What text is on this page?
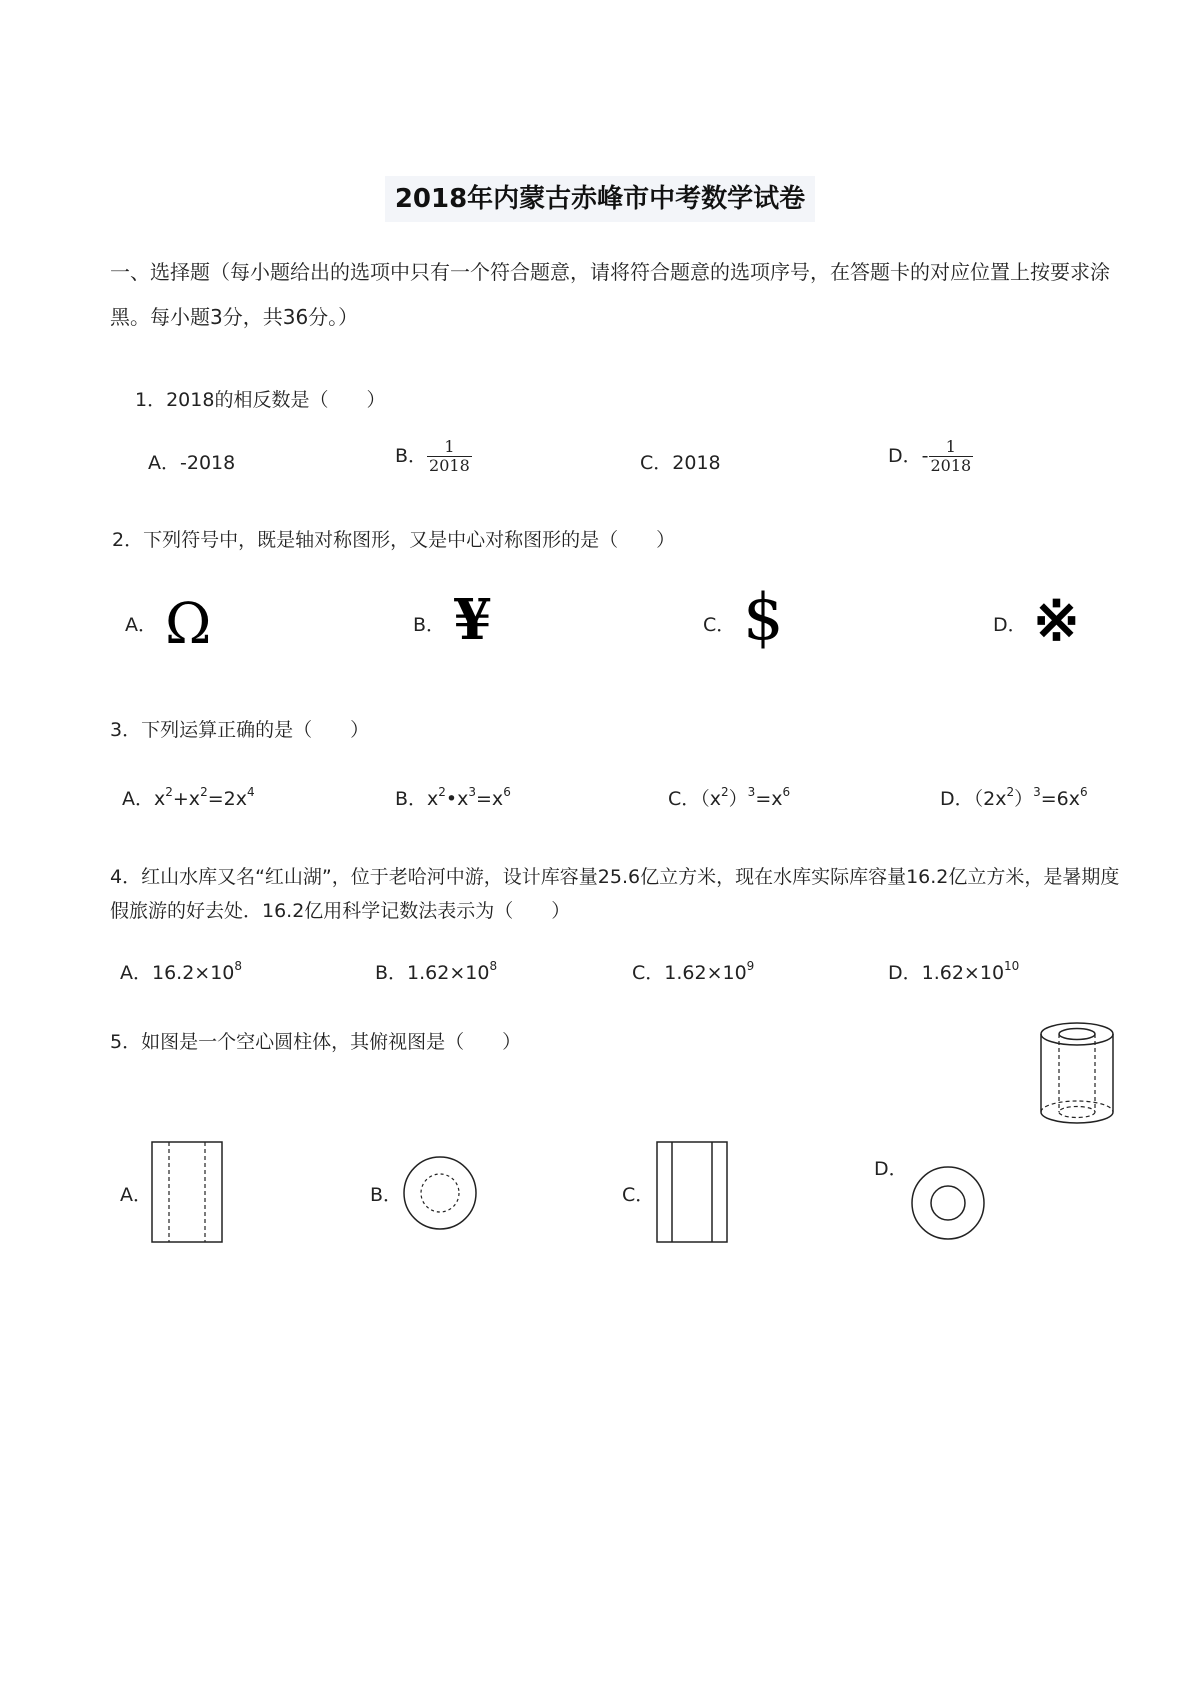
2018年内蒙古赤峰市中考数学试卷
一、选择题（每小题给出的选项中只有一个符合题意，请将符合题意的选项序号，在答题卡的对应位置上按要求涂黑。每小题3分，共36分。）
1．2018的相反数是（　　）
A．-2018	B． $\frac{1}{2018}$	C．2018	D．- $\frac{1}{2018}$
2．下列符号中，既是轴对称图形，又是中心对称图形的是（　　）
A． Ω	B． ¥	C． $	D． ※
3．下列运算正确的是（　　）
A．$x^2+x^2=2x^4$	B．$x^2•x^3=x^6$	C．$(x^2)^3=x^6$	D．$(2x^2)^3=6x^6$
4．红山水库又名“红山湖”，位于老哈河中游，设计库容量25.6亿立方米，现在水库实际库容量16.2亿立方米，是暑期度假旅游的好去处．16.2亿用科学记数法表示为（　　）
A．$16.2\times 10^8$	B．$1.62\times 10^8$	C．$1.62\times 10^9$	D．$1.62\times 10^{10}$
5．如图是一个空心圆柱体，其俯视图是（　　）
A．	B．	C．
D．
